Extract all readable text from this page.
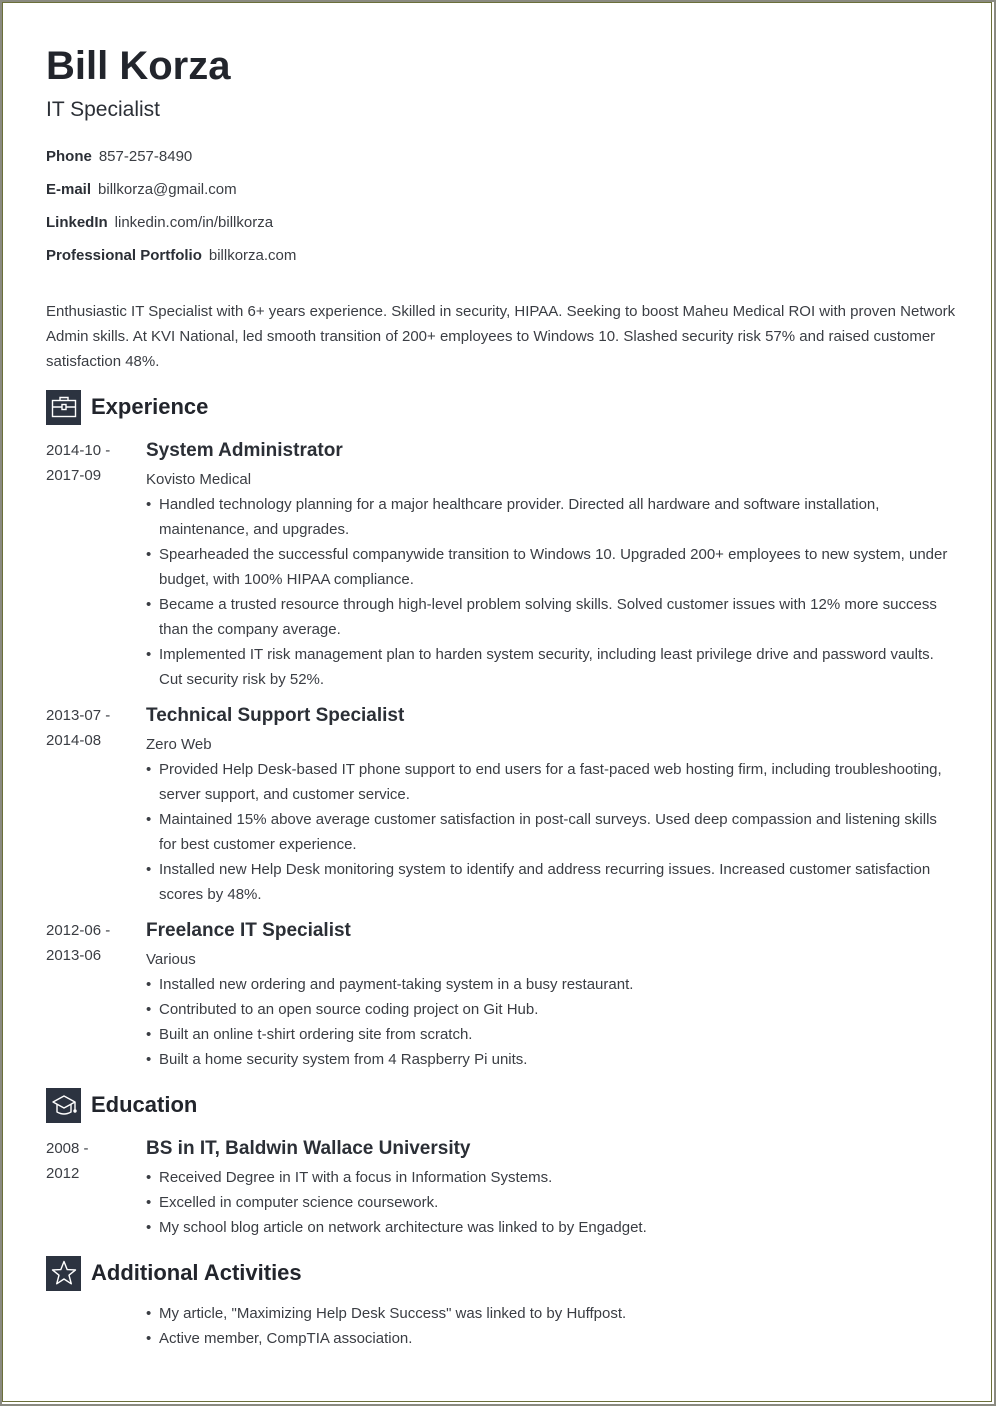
Bill Korza
IT Specialist
Phone 857-257-8490
E-mail billkorza@gmail.com
LinkedIn linkedin.com/in/billkorza
Professional Portfolio billkorza.com
Enthusiastic IT Specialist with 6+ years experience. Skilled in security, HIPAA. Seeking to boost Maheu Medical ROI with proven Network Admin skills. At KVI National, led smooth transition of 200+ employees to Windows 10. Slashed security risk 57% and raised customer satisfaction 48%.
Experience
2014-10 -
2017-09
System Administrator
Kovisto Medical
• Handled technology planning for a major healthcare provider. Directed all hardware and software installation, maintenance, and upgrades.
• Spearheaded the successful companywide transition to Windows 10. Upgraded 200+ employees to new system, under budget, with 100% HIPAA compliance.
• Became a trusted resource through high-level problem solving skills. Solved customer issues with 12% more success than the company average.
• Implemented IT risk management plan to harden system security, including least privilege drive and password vaults. Cut security risk by 52%.
2013-07 -
2014-08
Technical Support Specialist
Zero Web
• Provided Help Desk-based IT phone support to end users for a fast-paced web hosting firm, including troubleshooting, server support, and customer service.
• Maintained 15% above average customer satisfaction in post-call surveys. Used deep compassion and listening skills for best customer experience.
• Installed new Help Desk monitoring system to identify and address recurring issues. Increased customer satisfaction scores by 48%.
2012-06 -
2013-06
Freelance IT Specialist
Various
• Installed new ordering and payment-taking system in a busy restaurant.
• Contributed to an open source coding project on Git Hub.
• Built an online t-shirt ordering site from scratch.
• Built a home security system from 4 Raspberry Pi units.
Education
2008 -
2012
BS in IT, Baldwin Wallace University
• Received Degree in IT with a focus in Information Systems.
• Excelled in computer science coursework.
• My school blog article on network architecture was linked to by Engadget.
Additional Activities
• My article, "Maximizing Help Desk Success" was linked to by Huffpost.
• Active member, CompTIA association.
